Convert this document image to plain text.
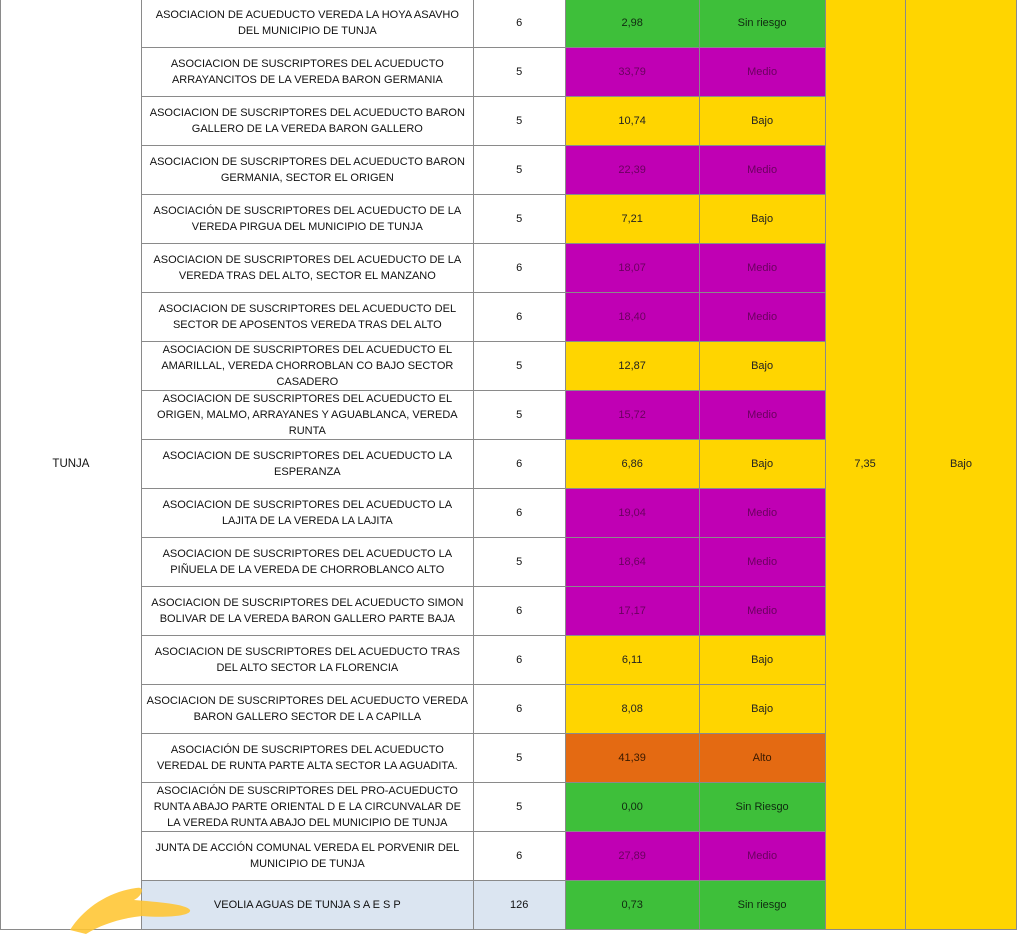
TUNJA	ASOCIACION DE ACUEDUCTO VEREDA LA HOYA ASAVHO DEL MUNICIPIO DE TUNJA	6	2,98	Sin riesgo	7,35	Bajo	
	ASOCIACION DE SUSCRIPTORES DEL ACUEDUCTO ARRAYANCITOS DE LA VEREDA BARON GERMANIA	5	33,79	Medio			
	ASOCIACION DE SUSCRIPTORES DEL ACUEDUCTO BARON GALLERO DE LA VEREDA BARON GALLERO	5	10,74	Bajo			
	ASOCIACION DE SUSCRIPTORES DEL ACUEDUCTO BARON GERMANIA, SECTOR EL ORIGEN	5	22,39	Medio			
	ASOCIACIÓN DE SUSCRIPTORES DEL ACUEDUCTO DE LA VEREDA PIRGUA DEL MUNICIPIO DE TUNJA	5	7,21	Bajo			
	ASOCIACION DE SUSCRIPTORES DEL ACUEDUCTO DE LA VEREDA TRAS DEL ALTO, SECTOR EL MANZANO	6	18,07	Medio			
	ASOCIACION DE SUSCRIPTORES DEL ACUEDUCTO DEL SECTOR DE APOSENTOS VEREDA TRAS DEL ALTO	6	18,40	Medio			
	ASOCIACION DE SUSCRIPTORES DEL ACUEDUCTO EL AMARILLAL, VEREDA CHORROBLAN CO BAJO SECTOR CASADERO	5	12,87	Bajo			
	ASOCIACION DE SUSCRIPTORES DEL ACUEDUCTO EL ORIGEN, MALMO, ARRAYANES Y AGUABLANCA, VEREDA RUNTA	5	15,72	Medio			
	ASOCIACION DE SUSCRIPTORES DEL ACUEDUCTO LA ESPERANZA	6	6,86	Bajo			
	ASOCIACION DE SUSCRIPTORES DEL ACUEDUCTO LA LAJITA DE LA VEREDA LA LAJITA	6	19,04	Medio			
	ASOCIACION DE SUSCRIPTORES DEL ACUEDUCTO LA PIÑUELA DE LA VEREDA DE CHORROBLANCO ALTO	5	18,64	Medio			
	ASOCIACION DE SUSCRIPTORES DEL ACUEDUCTO SIMON BOLIVAR DE LA VEREDA BARON GALLERO PARTE BAJA	6	17,17	Medio			
	ASOCIACION DE SUSCRIPTORES DEL ACUEDUCTO TRAS DEL ALTO SECTOR LA FLORENCIA	6	6,11	Bajo			
	ASOCIACION DE SUSCRIPTORES DEL ACUEDUCTO VEREDA BARON GALLERO SECTOR DE L A CAPILLA	6	8,08	Bajo			
	ASOCIACIÓN DE SUSCRIPTORES DEL ACUEDUCTO VEREDAL DE RUNTA PARTE ALTA SECTOR LA AGUADITA.	5	41,39	Alto			
	ASOCIACIÓN DE SUSCRIPTORES DEL PRO-ACUEDUCTO RUNTA ABAJO PARTE ORIENTAL D E LA CIRCUNVALAR DE LA VEREDA RUNTA ABAJO DEL MUNICIPIO DE TUNJA	5	0,00	Sin Riesgo			
	JUNTA DE ACCIÓN COMUNAL VEREDA EL PORVENIR DEL MUNICIPIO DE TUNJA	6	27,89	Medio			
	VEOLIA AGUAS DE TUNJA S A E S P	126	0,73	Sin riesgo			
